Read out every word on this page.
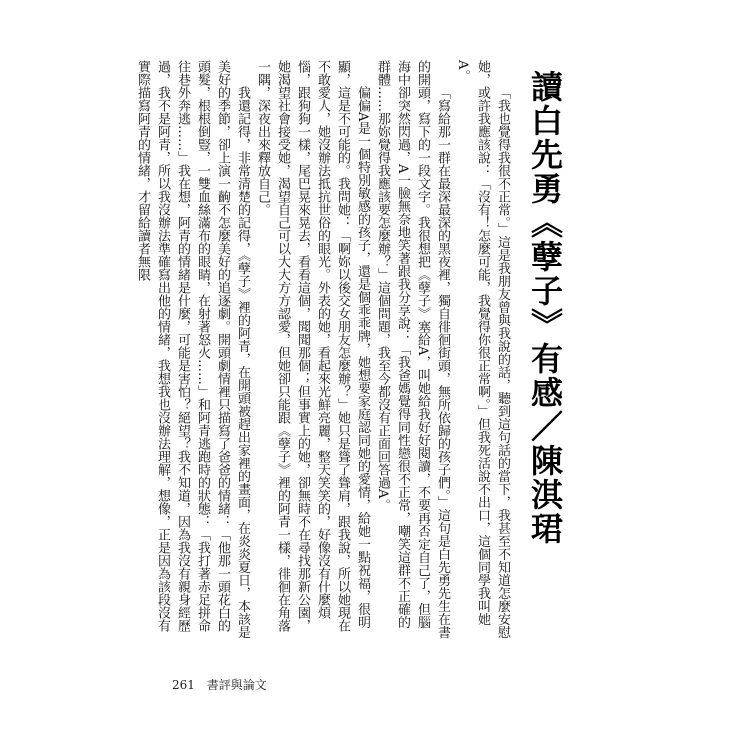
讀白先勇《孽子》有感／陳淇珺

「我也覺得我很不正常。」這是我朋友曾與我說的話，聽到這句話的當下，我甚至不知道怎麼安慰她，或許我應該說：「沒有！怎麼可能，我覺得你很正常啊。」但我死活說不出口，這個同學我叫她A。

「寫給那一群在最深最深的黑夜裡，獨自徘徊街頭，無所依歸的孩子們。」這句是白先勇先生在書的開頭，寫下的一段文字。我很想把《孽子》塞給A，叫她給我好好閱讀，不要再否定自己了，但腦海中卻突然閃過，A一臉無奈地笑著跟我分享說：「我爸媽覺得同性戀很不正常，嘲笑這群不正確的群體……那妳覺得我應該要怎麼辦？」這個問題，我至今都沒有正面回答過A。

偏偏A是一個特別敏感的孩子，還是個乖乖牌，她想要家庭認同她的愛情，給她一點祝福，很明顯，這是不可能的。我問她：「啊妳以後交女朋友怎麼辦？」她只是聳了聳肩，跟我說，所以她現在不敢愛人，她沒辦法抵抗世俗的眼光。外表的她，看起來光鮮亮麗，整天笑笑的，好像沒有什麼煩惱，跟狗狗一樣，尾巴晃來晃去，看看這個，聞聞那個；但事實上的她，卻無時不在尋找那新公園，她渴望社會接受她，渴望自己可以大大方方認愛，但她卻只能跟《孽子》裡的阿青一樣，徘徊在角落一隅，深夜出來釋放自己。

我還記得，非常清楚的記得，《孽子》裡的阿青，在開頭被趕出家裡的畫面，在炎炎夏日，本該是美好的季節，卻上演一齣不怎麼美好的追逐劇。開頭劇情裡只描寫了爸爸的情緒：「他那一頭花白的頭髮，根根倒豎，一雙血絲滿布的眼睛，在射著怒火……」和阿青逃跑時的狀態：「我打著赤足拼命往巷外奔逃……」我在想，阿青的情緒是什麼，可能是害怕？絕望？我不知道，因為我沒有親身經歷過，我不是阿青，所以我沒辦法準確寫出他的情緒，我想我也沒辦法理解，想像，正是因為該段沒有實際描寫阿青的情緒，才留給讀者無限

261 書評與論文
